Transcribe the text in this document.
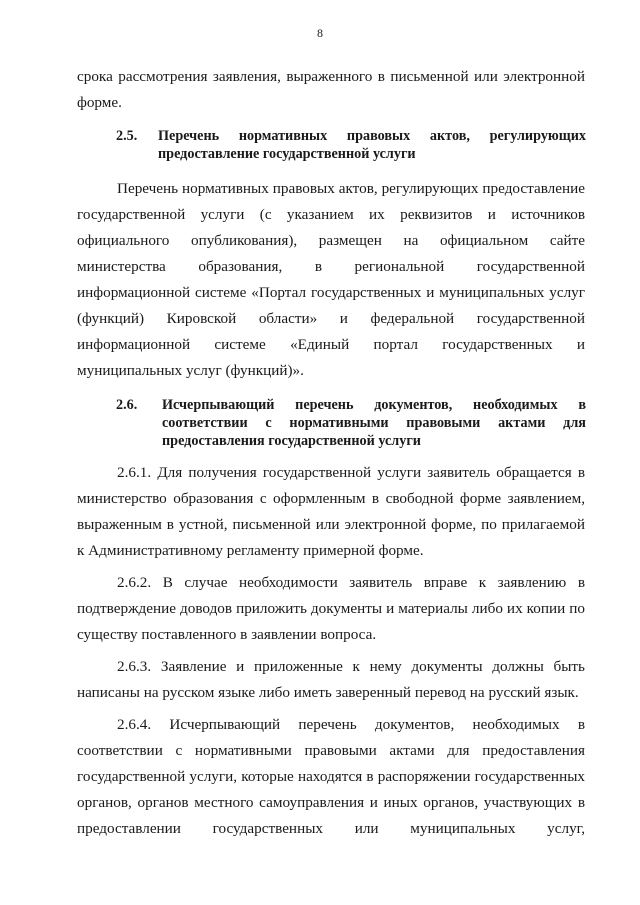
8

срока рассмотрения заявления, выраженного в письменной или электронной форме.

2.5.	Перечень нормативных правовых актов, регулирующих предоставление государственной услуги

Перечень нормативных правовых актов, регулирующих предоставление государственной услуги (с указанием их реквизитов и источников официального опубликования), размещен на официальном сайте министерства образования, в региональной государственной информационной системе «Портал государственных и муниципальных услуг (функций) Кировской области» и федеральной государственной информационной системе «Единый портал государственных и муниципальных услуг (функций)».

2.6.	Исчерпывающий перечень документов, необходимых в соответствии с нормативными правовыми актами для предоставления государственной услуги

2.6.1. Для получения государственной услуги заявитель обращается в министерство образования с оформленным в свободной форме заявлением, выраженным в устной, письменной или электронной форме, по прилагаемой к Административному регламенту примерной форме.

2.6.2. В случае необходимости заявитель вправе к заявлению в подтверждение доводов приложить документы и материалы либо их копии по существу поставленного в заявлении вопроса.

2.6.3. Заявление и приложенные к нему документы должны быть написаны на русском языке либо иметь заверенный перевод на русский язык.

2.6.4. Исчерпывающий перечень документов, необходимых в соответствии с нормативными правовыми актами для предоставления государственной услуги, которые находятся в распоряжении государственных органов, органов местного самоуправления и иных органов, участвующих в предоставлении государственных или муниципальных услуг,
